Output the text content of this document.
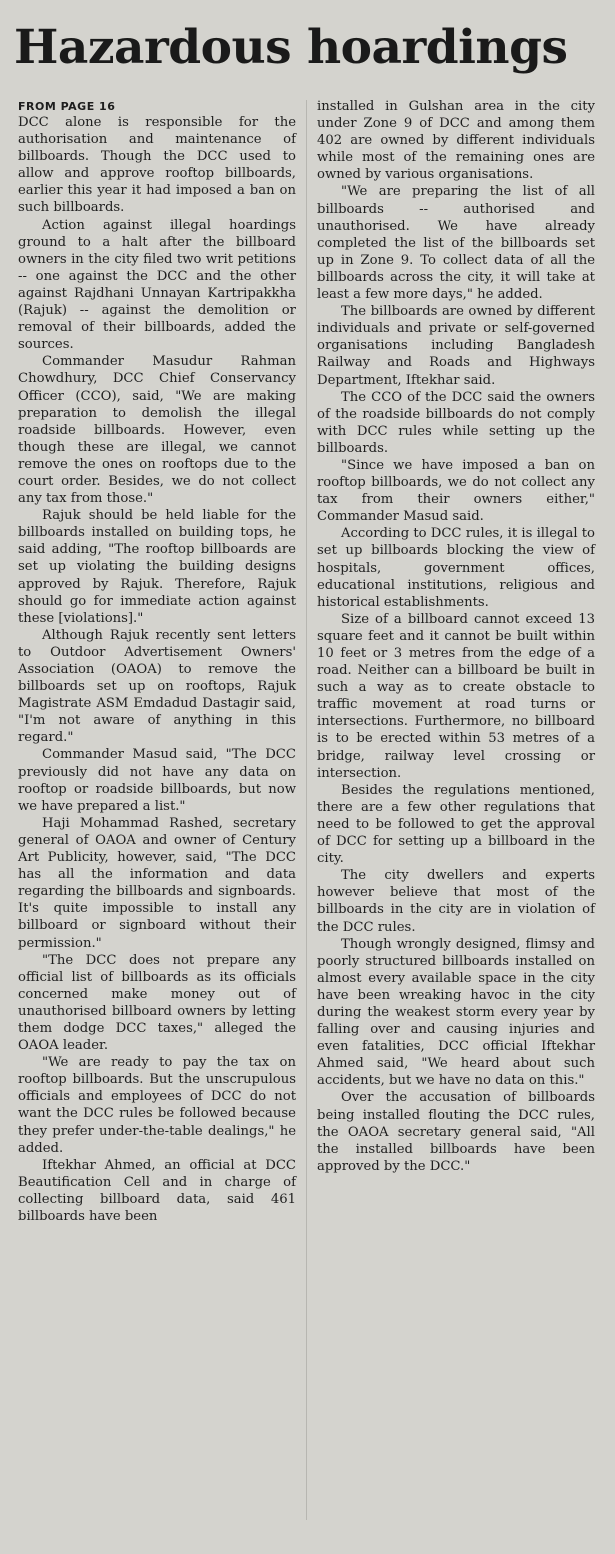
Hazardous hoardings
FROM PAGE 16

DCC alone is responsible for the authorisation and maintenance of billboards. Though the DCC used to allow and approve rooftop billboards, earlier this year it had imposed a ban on such billboards.

Action against illegal hoardings ground to a halt after the billboard owners in the city filed two writ petitions -- one against the DCC and the other against Rajdhani Unnayan Kartripakkha (Rajuk) -- against the demolition or removal of their billboards, added the sources.

Commander Masudur Rahman Chowdhury, DCC Chief Conservancy Officer (CCO), said, "We are making preparation to demolish the illegal roadside billboards. However, even though these are illegal, we cannot remove the ones on rooftops due to the court order. Besides, we do not collect any tax from those."

Rajuk should be held liable for the billboards installed on building tops, he said adding, "The rooftop billboards are set up violating the building designs approved by Rajuk. Therefore, Rajuk should go for immediate action against these [violations]."

Although Rajuk recently sent letters to Outdoor Advertisement Owners' Association (OAOA) to remove the billboards set up on rooftops, Rajuk Magistrate ASM Emdadud Dastagir said, "I'm not aware of anything in this regard."

Commander Masud said, "The DCC previously did not have any data on rooftop or roadside billboards, but now we have prepared a list."

Haji Mohammad Rashed, secretary general of OAOA and owner of Century Art Publicity, however, said, "The DCC has all the information and data regarding the billboards and signboards. It's quite impossible to install any billboard or signboard without their permission."

"The DCC does not prepare any official list of billboards as its officials concerned make money out of unauthorised billboard owners by letting them dodge DCC taxes," alleged the OAOA leader.

"We are ready to pay the tax on rooftop billboards. But the unscrupulous officials and employees of DCC do not want the DCC rules be followed because they prefer under-the-table dealings," he added.

Iftekhar Ahmed, an official at DCC Beautification Cell and in charge of collecting billboard data, said 461 billboards have been

installed in Gulshan area in the city under Zone 9 of DCC and among them 402 are owned by different individuals while most of the remaining ones are owned by various organisations.

"We are preparing the list of all billboards -- authorised and unauthorised. We have already completed the list of the billboards set up in Zone 9. To collect data of all the billboards across the city, it will take at least a few more days," he added.

The billboards are owned by different individuals and private or self-governed organisations including Bangladesh Railway and Roads and Highways Department, Iftekhar said.

The CCO of the DCC said the owners of the roadside billboards do not comply with DCC rules while setting up the billboards.

"Since we have imposed a ban on rooftop billboards, we do not collect any tax from their owners either," Commander Masud said.

According to DCC rules, it is illegal to set up billboards blocking the view of hospitals, government offices, educational institutions, religious and historical establishments.

Size of a billboard cannot exceed 13 square feet and it cannot be built within 10 feet or 3 metres from the edge of a road. Neither can a billboard be built in such a way as to create obstacle to traffic movement at road turns or intersections. Furthermore, no billboard is to be erected within 53 metres of a bridge, railway level crossing or intersection.

Besides the regulations mentioned, there are a few other regulations that need to be followed to get the approval of DCC for setting up a billboard in the city.

The city dwellers and experts however believe that most of the billboards in the city are in violation of the DCC rules.

Though wrongly designed, flimsy and poorly structured billboards installed on almost every available space in the city have been wreaking havoc in the city during the weakest storm every year by falling over and causing injuries and even fatalities, DCC official Iftekhar Ahmed said, "We heard about such accidents, but we have no data on this."

Over the accusation of billboards being installed flouting the DCC rules, the OAOA secretary general said, "All the installed billboards have been approved by the DCC."
